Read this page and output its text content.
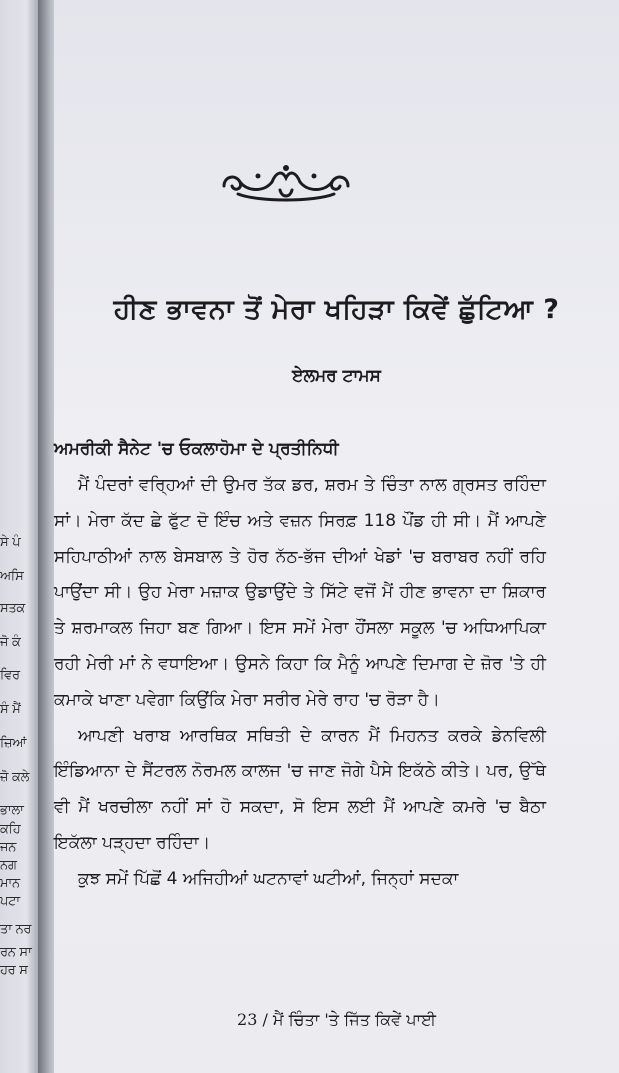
ਸੇ ਪੰ
ਅਸਿ
ਸਤਕ
ਜੋ ਕੰ
ਵਿਰ
ਸੰ ਮੈਂ
ਜ਼ਿਆਂ
ਜ਼ੋ ਕਲੇ
ਭਾਲਾ
ਕਹਿ
ਜਨ
ਨਗ
ਮਾਨ
ਪਟਾ
ਤਾ ਨਰ
ਰਨ ਸਾ
ਹਰ ਸ
ਹੀਣ ਭਾਵਨਾ ਤੋਂ ਮੇਰਾ ਖਹਿੜਾ ਕਿਵੇਂ ਛੁੱਟਿਆ ?
ਏਲਮਰ ਟਾਮਸ
ਅਮਰੀਕੀ ਸੈਨੇਟ 'ਚ ਓਕਲਾਹੋਮਾ ਦੇ ਪ੍ਰਤੀਨਿਧੀ

ਮੈਂ ਪੰਦਰਾਂ ਵਰ੍ਹਿਆਂ ਦੀ ਉਮਰ ਤੱਕ ਡਰ, ਸ਼ਰਮ ਤੇ ਚਿੰਤਾ ਨਾਲ ਗ੍ਰਸਤ ਰਹਿੰਦਾ ਸਾਂ। ਮੇਰਾ ਕੱਦ ਛੇ ਫੁੱਟ ਦੋ ਇੰਚ ਅਤੇ ਵਜ਼ਨ ਸਿਰਫ਼ 118 ਪੌਂਡ ਹੀ ਸੀ। ਮੈਂ ਆਪਣੇ ਸਹਿਪਾਠੀਆਂ ਨਾਲ ਬੇਸਬਾਲ ਤੇ ਹੋਰ ਨੱਠ-ਭੱਜ ਦੀਆਂ ਖੇਡਾਂ 'ਚ ਬਰਾਬਰ ਨਹੀਂ ਰਹਿ ਪਾਉਂਦਾ ਸੀ। ਉਹ ਮੇਰਾ ਮਜ਼ਾਕ ਉਡਾਉਂਦੇ ਤੇ ਸਿੱਟੇ ਵਜੋਂ ਮੈਂ ਹੀਣ ਭਾਵਨਾ ਦਾ ਸ਼ਿਕਾਰ ਤੇ ਸ਼ਰਮਾਕਲ ਜਿਹਾ ਬਣ ਗਿਆ। ਇਸ ਸਮੇਂ ਮੇਰਾ ਹੌਂਸਲਾ ਸਕੂਲ 'ਚ ਅਧਿਆਪਿਕਾ ਰਹੀ ਮੇਰੀ ਮਾਂ ਨੇ ਵਧਾਇਆ। ਉਸਨੇ ਕਿਹਾ ਕਿ ਮੈਨੂੰ ਆਪਣੇ ਦਿਮਾਗ ਦੇ ਜ਼ੋਰ 'ਤੇ ਹੀ ਕਮਾਕੇ ਖਾਣਾ ਪਵੇਗਾ ਕਿਉਂਕਿ ਮੇਰਾ ਸਰੀਰ ਮੇਰੇ ਰਾਹ 'ਚ ਰੋੜਾ ਹੈ।

ਆਪਣੀ ਖਰਾਬ ਆਰਥਿਕ ਸਥਿਤੀ ਦੇ ਕਾਰਨ ਮੈਂ ਮਿਹਨਤ ਕਰਕੇ ਡੇਨਵਿਲੀ ਇੰਡਿਆਨਾ ਦੇ ਸੈਂਟਰਲ ਨੋਰਮਲ ਕਾਲਜ 'ਚ ਜਾਣ ਜੋਗੇ ਪੈਸੇ ਇਕੱਠੇ ਕੀਤੇ। ਪਰ, ਉੱਥੇ ਵੀ ਮੈਂ ਖਰਚੀਲਾ ਨਹੀਂ ਸਾਂ ਹੋ ਸਕਦਾ, ਸੋ ਇਸ ਲਈ ਮੈਂ ਆਪਣੇ ਕਮਰੇ 'ਚ ਬੈਠਾ ਇਕੱਲਾ ਪੜ੍ਹਦਾ ਰਹਿੰਦਾ।

ਕੁਝ ਸਮੇਂ ਪਿੱਛੋਂ 4 ਅਜਿਹੀਆਂ ਘਟਨਾਵਾਂ ਘਟੀਆਂ, ਜਿਨ੍ਹਾਂ ਸਦਕਾ

23 / ਮੈਂ ਚਿੰਤਾ 'ਤੇ ਜਿੱਤ ਕਿਵੇਂ ਪਾਈ
